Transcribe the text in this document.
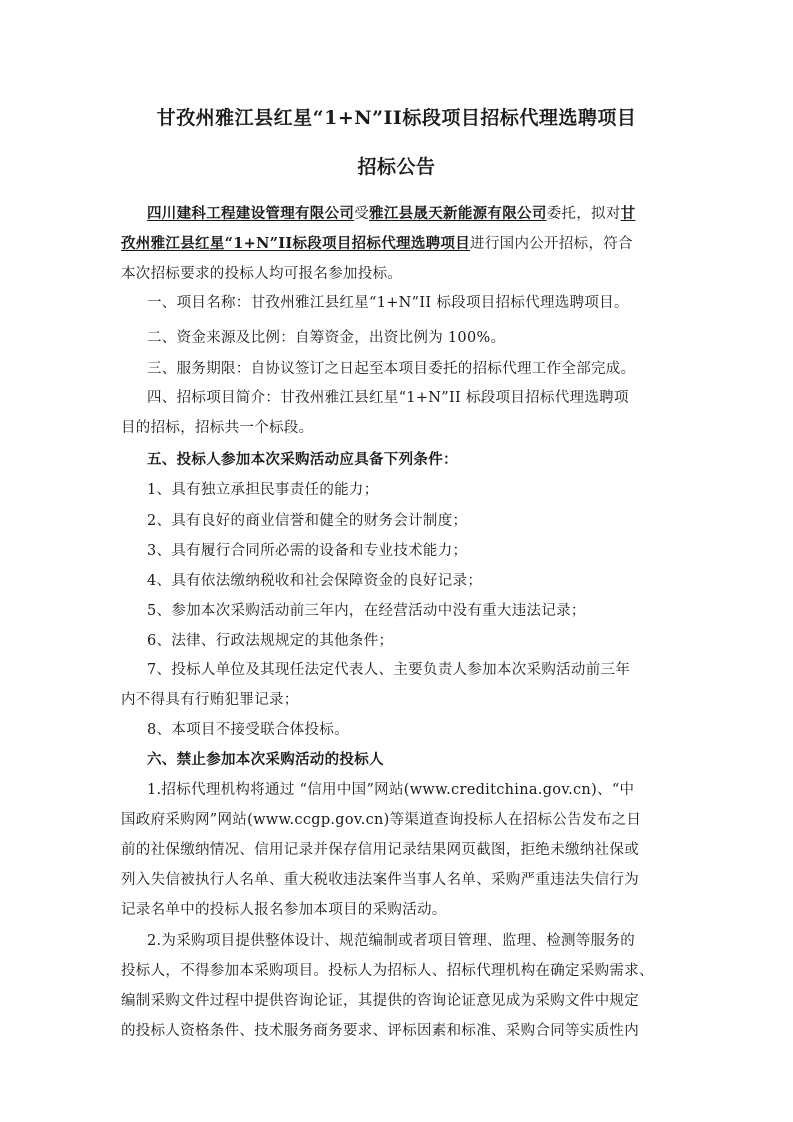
甘孜州雅江县红星“1+N”II标段项目招标代理选聘项目
招标公告
四川建科工程建设管理有限公司受雅江县晟天新能源有限公司委托，拟对甘
孜州雅江县红星“1+N”II标段项目招标代理选聘项目进行国内公开招标，符合
本次招标要求的投标人均可报名参加投标。
一、项目名称：甘孜州雅江县红星“1+N”II 标段项目招标代理选聘项目。
二、资金来源及比例：自筹资金，出资比例为 100%。
三、服务期限：自协议签订之日起至本项目委托的招标代理工作全部完成。
四、招标项目简介：甘孜州雅江县红星“1+N”II 标段项目招标代理选聘项
目的招标，招标共一个标段。
五、投标人参加本次采购活动应具备下列条件：
1、具有独立承担民事责任的能力；
2、具有良好的商业信誉和健全的财务会计制度；
3、具有履行合同所必需的设备和专业技术能力；
4、具有依法缴纳税收和社会保障资金的良好记录；
5、参加本次采购活动前三年内，在经营活动中没有重大违法记录；
6、法律、行政法规规定的其他条件；
7、投标人单位及其现任法定代表人、主要负责人参加本次采购活动前三年
内不得具有行贿犯罪记录；
8、本项目不接受联合体投标。
六、禁止参加本次采购活动的投标人
1.招标代理机构将通过 “信用中国”网站(www.creditchina.gov.cn)、“中
国政府采购网”网站(www.ccgp.gov.cn)等渠道查询投标人在招标公告发布之日
前的社保缴纳情况、信用记录并保存信用记录结果网页截图，拒绝未缴纳社保或
列入失信被执行人名单、重大税收违法案件当事人名单、采购严重违法失信行为
记录名单中的投标人报名参加本项目的采购活动。
2.为采购项目提供整体设计、规范编制或者项目管理、监理、检测等服务的
投标人，不得参加本采购项目。投标人为招标人、招标代理机构在确定采购需求、
编制采购文件过程中提供咨询论证，其提供的咨询论证意见成为采购文件中规定
的投标人资格条件、技术服务商务要求、评标因素和标准、采购合同等实质性内
